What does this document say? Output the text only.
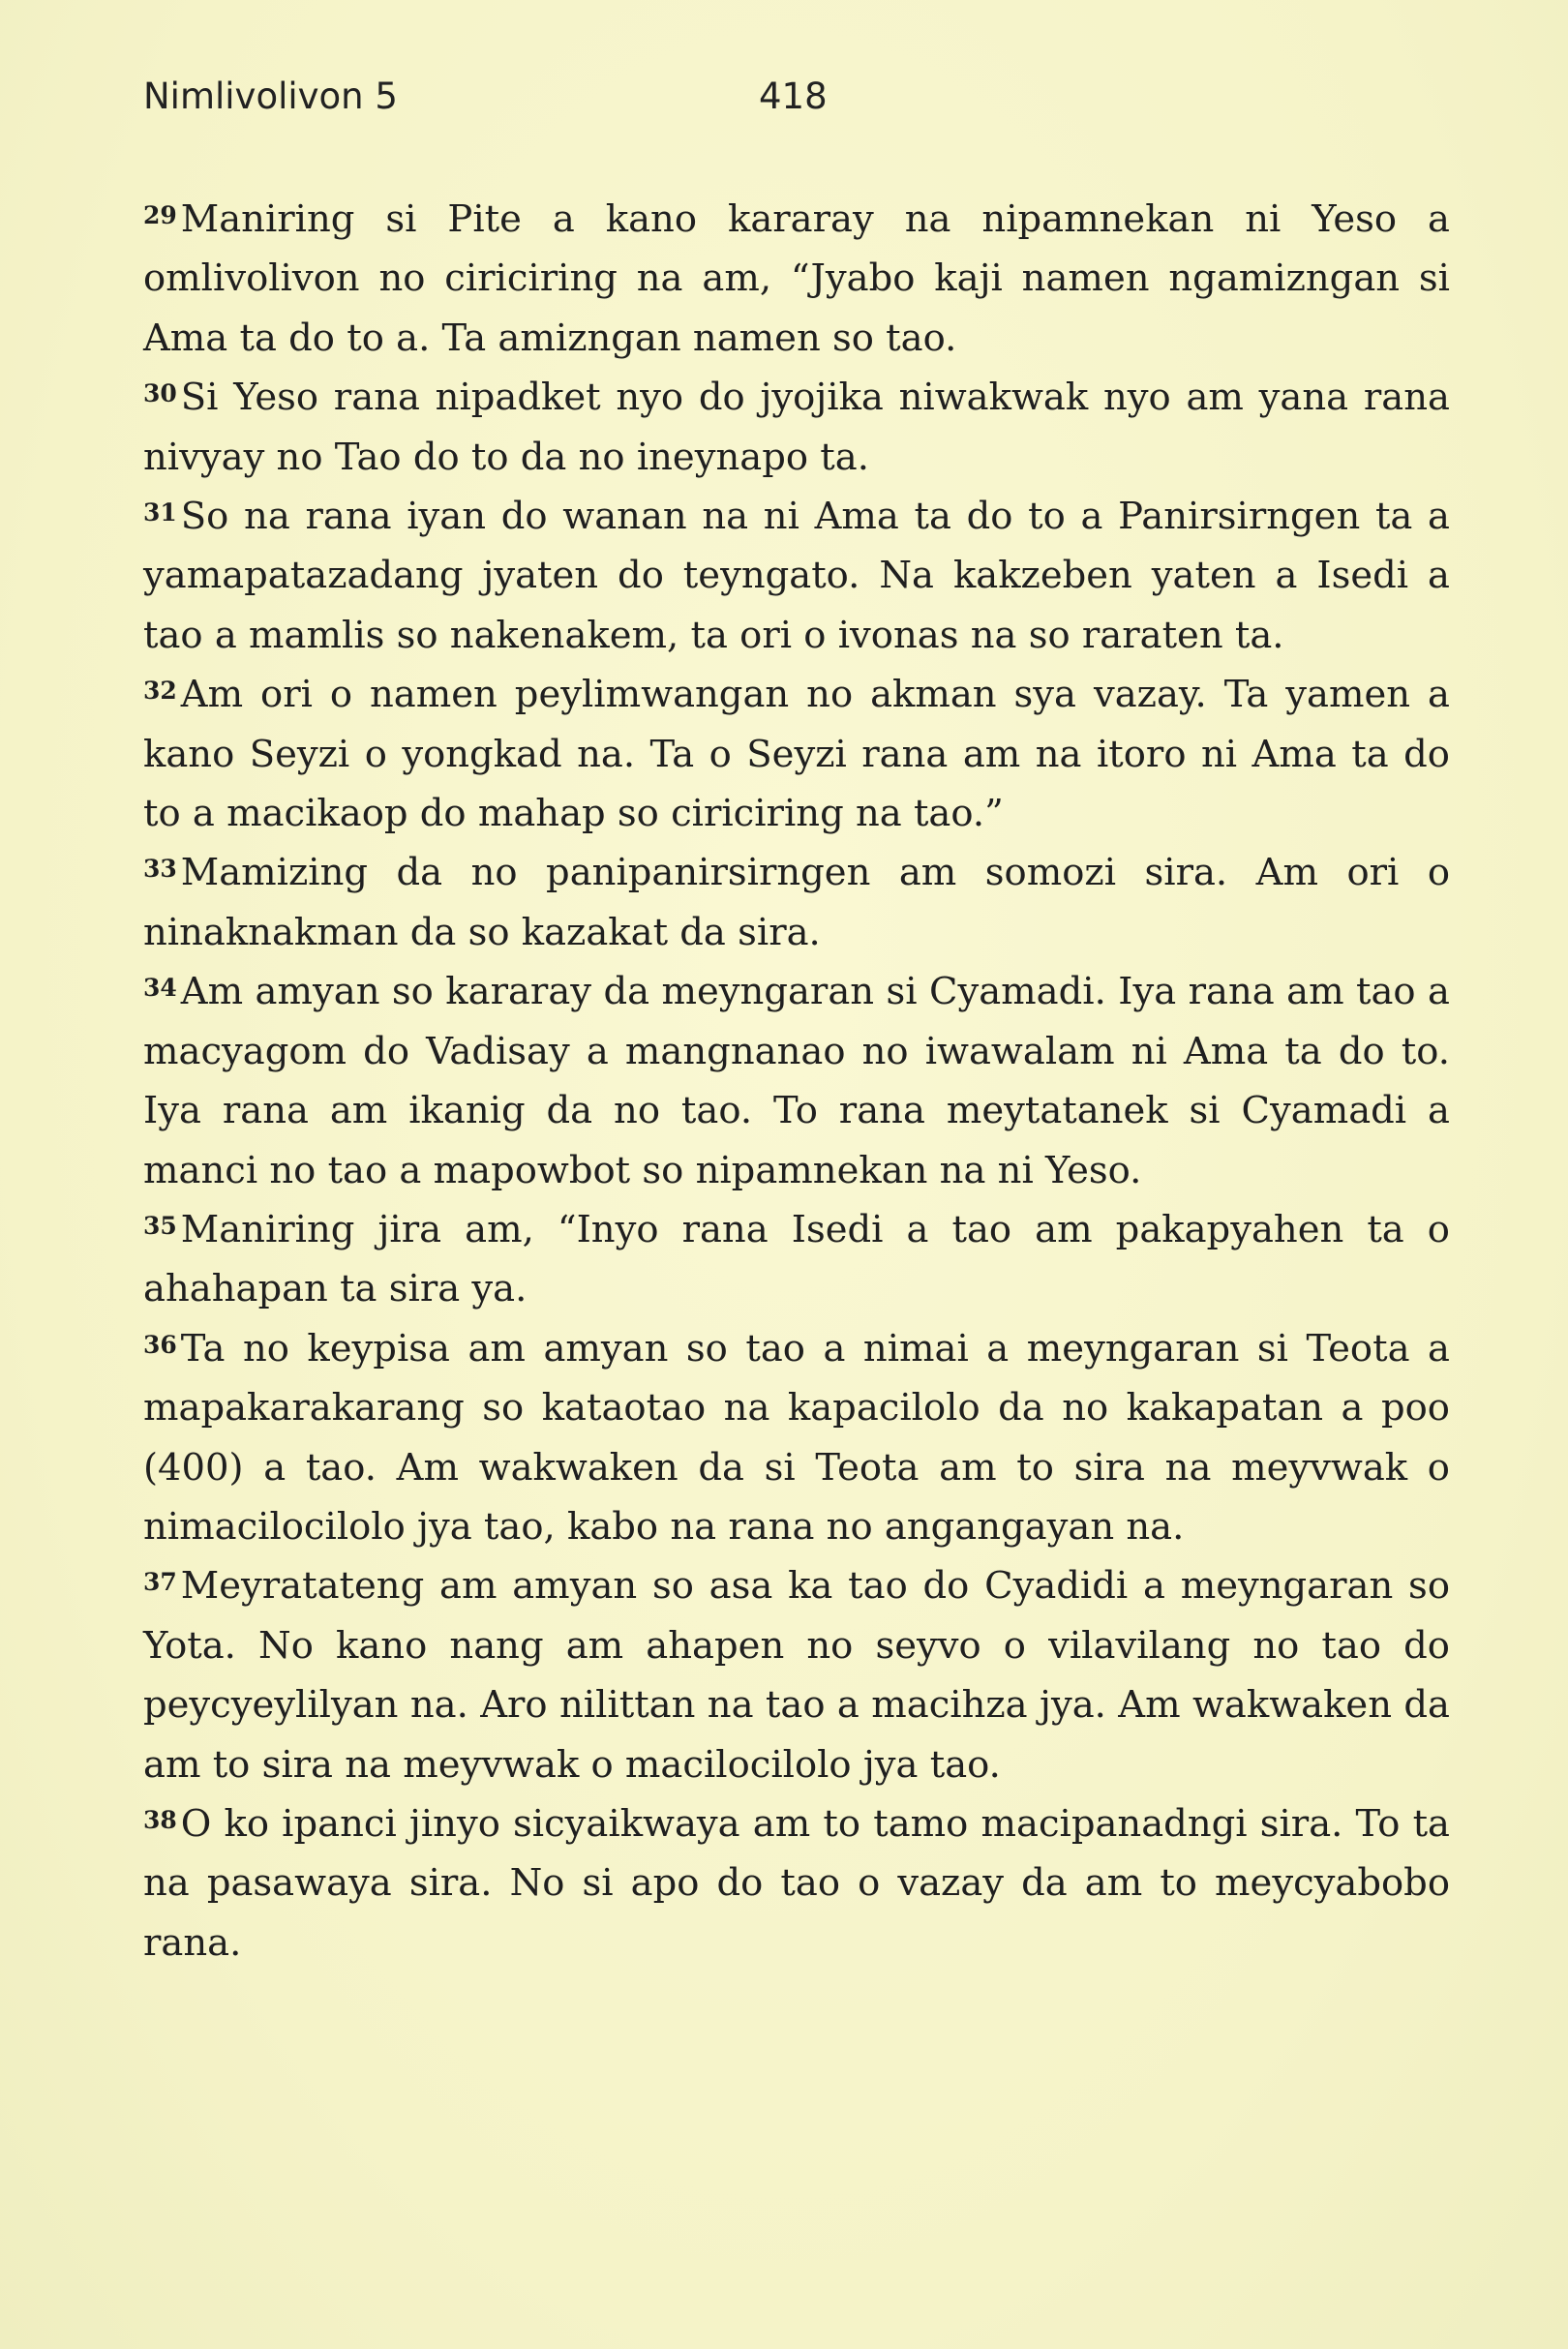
Nimlivolivon 5	418

$^{29}$ Maniring si Pite a kano kararay na nipamnekan ni Yeso a omlivolivon no ciriciring na am, “Jyabo kaji namen ngamizngan si Ama ta do to a. Ta amizngan namen so tao.

$^{30}$ Si Yeso rana nipadket nyo do jyojika niwakwak nyo am yana rana nivyay no Tao do to da no ineynapo ta.

$^{31}$ So na rana iyan do wanan na ni Ama ta do to a Panirsirngen ta a yamapatazadang jyaten do teyngato. Na kakzeben yaten a Isedi a tao a mamlis so nakenakem, ta ori o ivonas na so raraten ta.

$^{32}$ Am ori o namen peylimwangan no akman sya vazay. Ta yamen a kano Seyzi o yongkad na. Ta o Seyzi rana am na itoro ni Ama ta do to a macikaop do mahap so ciriciring na tao.”

$^{33}$ Mamizing da no panipanirsirngen am somozi sira. Am ori o ninaknakman da so kazakat da sira.

$^{34}$ Am amyan so kararay da meyngaran si Cyamadi. Iya rana am tao a macyagom do Vadisay a mangnanao no iwawalam ni Ama ta do to. Iya rana am ikanig da no tao. To rana meytatanek si Cyamadi a manci no tao a mapowbot so nipamnekan na ni Yeso.

$^{35}$ Maniring jira am, “Inyo rana Isedi a tao am pakapyahen ta o ahahapan ta sira ya.

$^{36}$ Ta no keypisa am amyan so tao a nimai a meyngaran si Teota a mapakarakarang so kataotao na kapacilolo da no kakapatan a poo (400) a tao. Am wakwaken da si Teota am to sira na meyvwak o nimacilocilolo jya tao, kabo na rana no angangayan na.

$^{37}$ Meyratateng am amyan so asa ka tao do Cyadidi a meyngaran so Yota. No kano nang am ahapen no seyvo o vilavilang no tao do peycyeylilyan na. Aro nilittan na tao a macihza jya. Am wakwaken da am to sira na meyvwak o macilocilolo jya tao.

$^{38}$ O ko ipanci jinyo sicyaikwaya am to tamo macipanadngi sira. To ta na pasawaya sira. No si apo do tao o vazay da am to meycyabobo rana.
